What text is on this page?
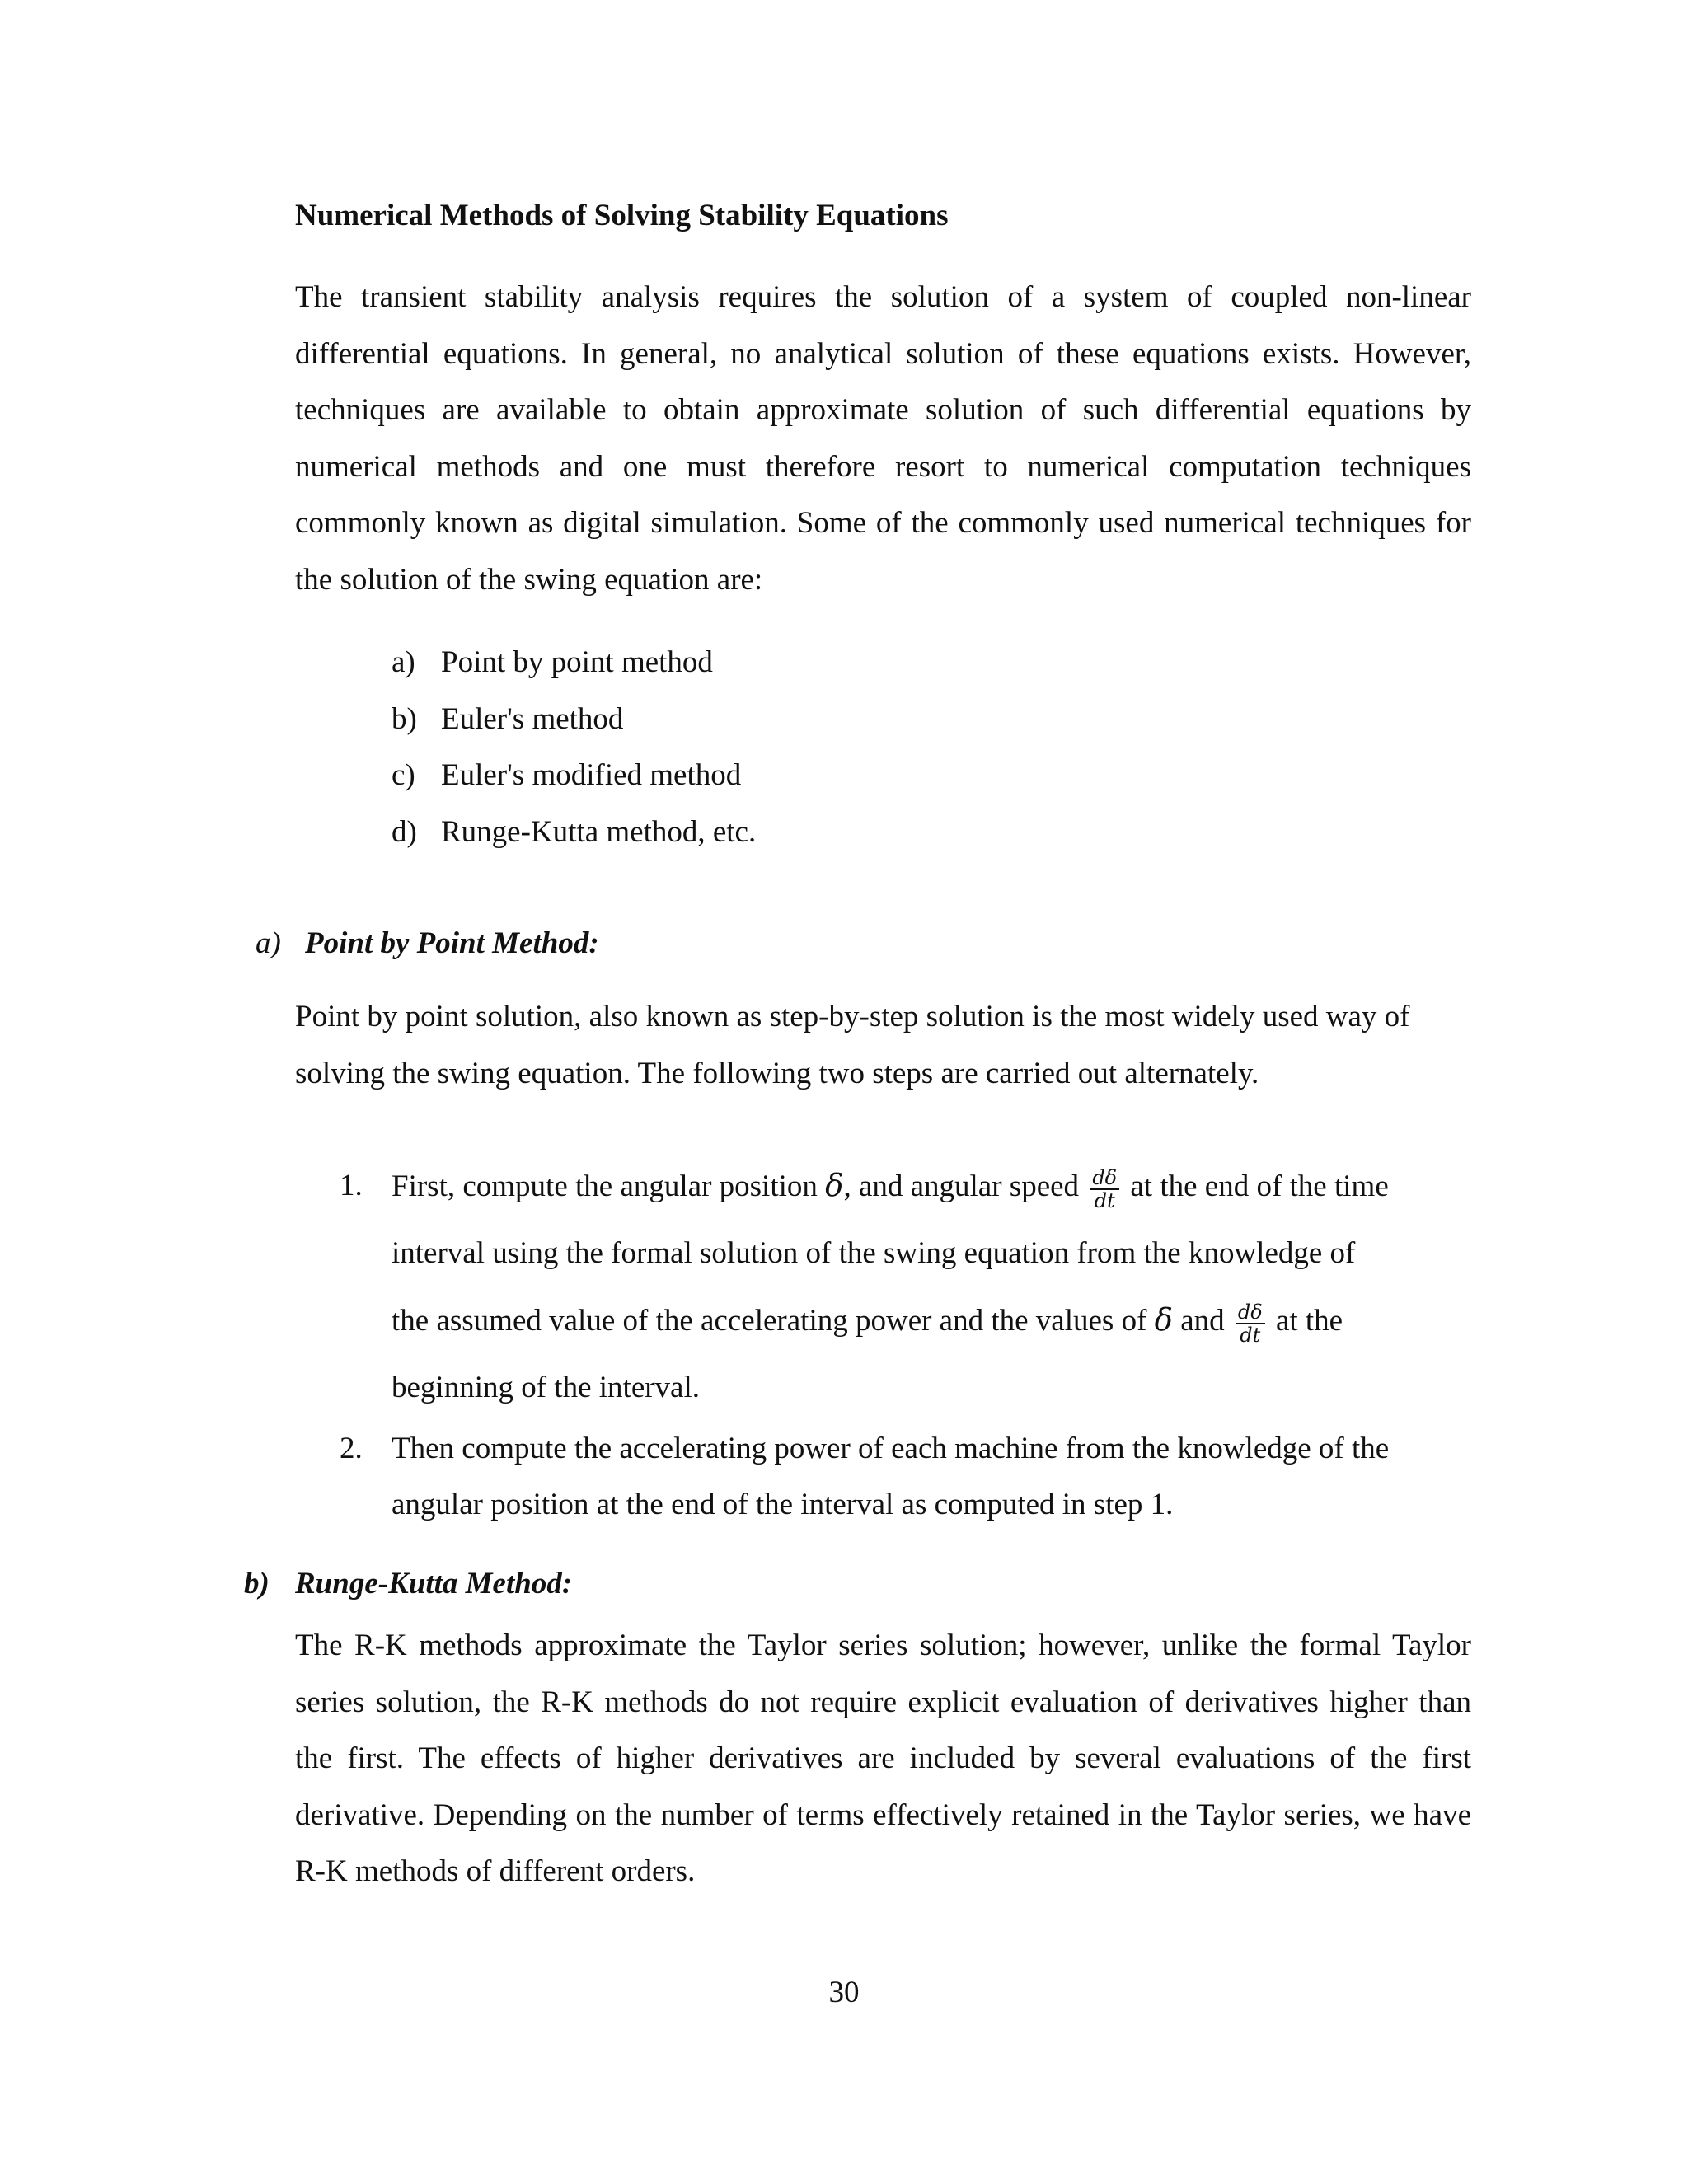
Numerical Methods of Solving Stability Equations
The transient stability analysis requires the solution of a system of coupled non-linear differential equations. In general, no analytical solution of these equations exists. However, techniques are available to obtain approximate solution of such differential equations by numerical methods and one must therefore resort to numerical computation techniques commonly known as digital simulation. Some of the commonly used numerical techniques for the solution of the swing equation are:
a) Point by point method
b) Euler's method
c) Euler's modified method
d) Runge-Kutta method, etc.
a) Point by Point Method:
Point by point solution, also known as step-by-step solution is the most widely used way of solving the swing equation. The following two steps are carried out alternately.
1. First, compute the angular position δ, and angular speed $\frac{d\delta}{dt}$ at the end of the time
interval using the formal solution of the swing equation from the knowledge of
the assumed value of the accelerating power and the values of δ and $\frac{d\delta}{dt}$ at the
beginning of the interval.
2. Then compute the accelerating power of each machine from the knowledge of the
angular position at the end of the interval as computed in step 1.
b) Runge-Kutta Method:
The R-K methods approximate the Taylor series solution; however, unlike the formal Taylor series solution, the R-K methods do not require explicit evaluation of derivatives higher than the first. The effects of higher derivatives are included by several evaluations of the first derivative. Depending on the number of terms effectively retained in the Taylor series, we have R-K methods of different orders.
30
